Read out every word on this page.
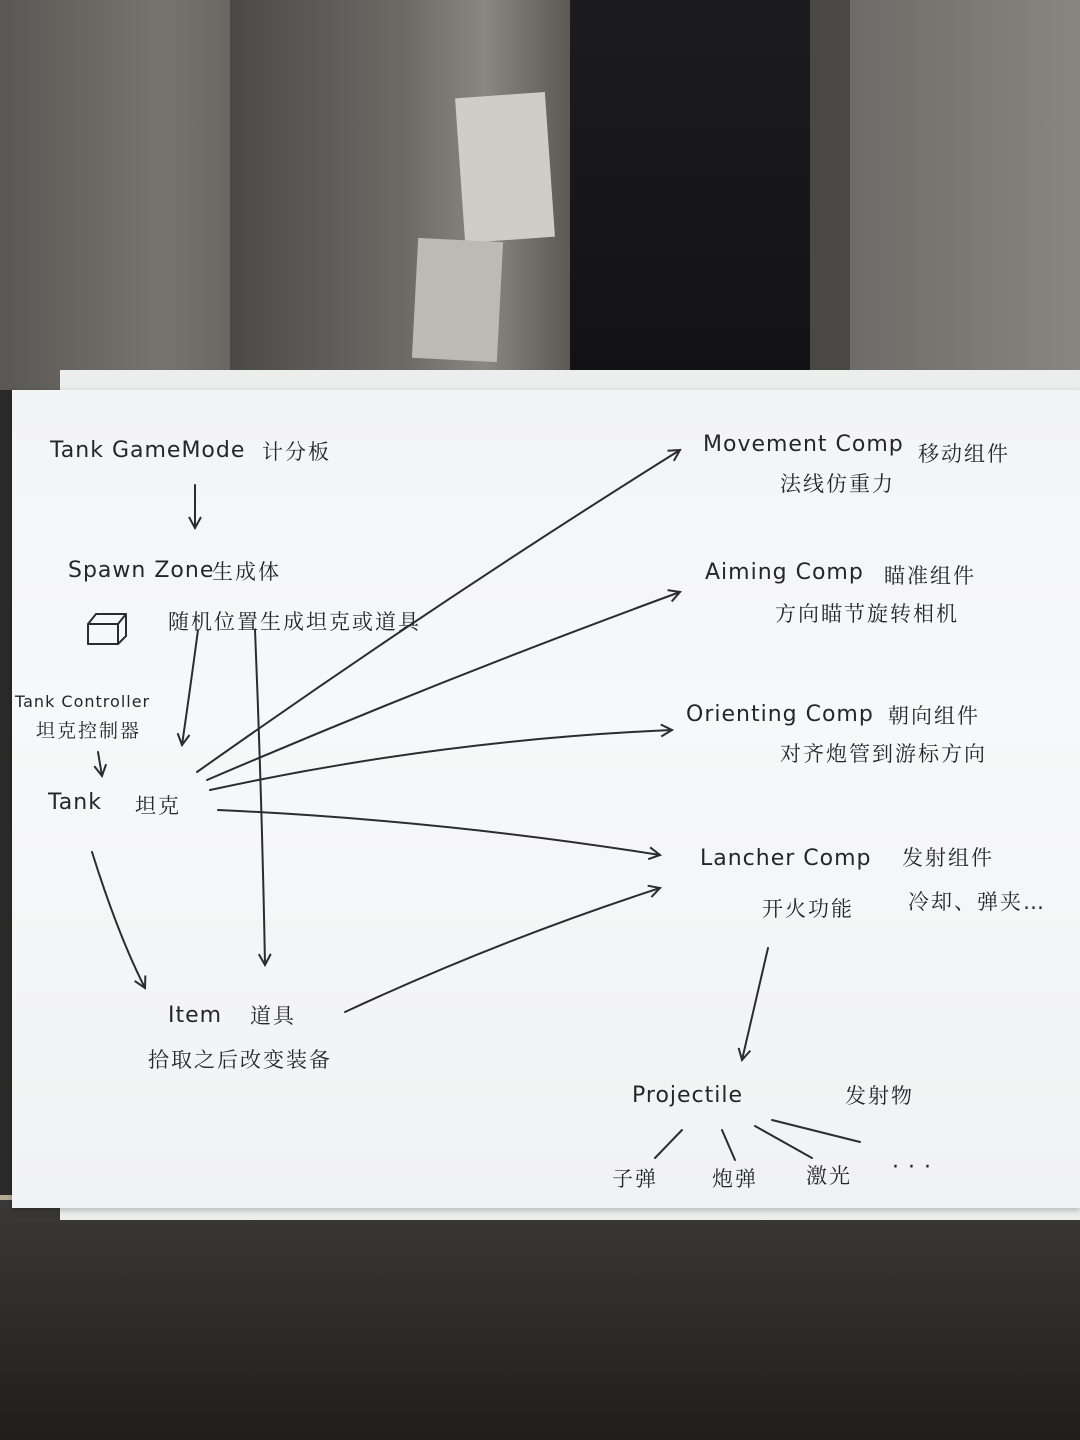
Tank GameMode 计分板

Spawn Zone

生成体

随机位置生成坦克或道具

Tank Controller

坦克控制器

Tank 坦克

Item 道具

拾取之后改变装备

Movement Comp 移动组件

法线仿重力

Aiming Comp 瞄准组件

方向瞄节旋转相机

Orienting Comp 朝向组件

对齐炮管到游标方向

Lancher Comp 发射组件

开火功能	冷却、弹夹…

Projectile	发射物

子弹	炮弹 激光 · · ·
